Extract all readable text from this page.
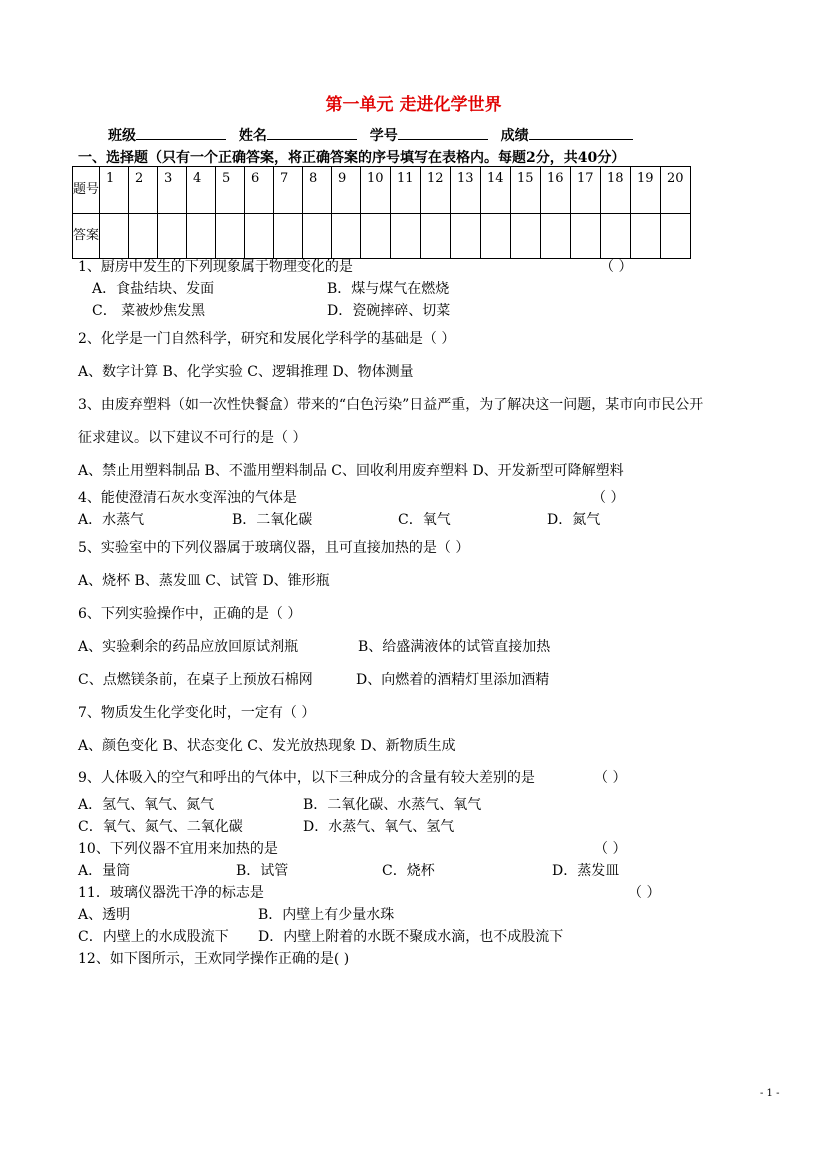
第一单元 走进化学世界
班级	姓名	学号	成绩
一、选择题（只有一个正确答案，将正确答案的序号填写在表格内。每题2分，共40分）
题号	1	2	3	4	5	6	7	8	9	10	11	12	13	14	15	16	17	18	19	20
答案																				
1、厨房中发生的下列现象属于物理变化的是	（ ）
A．食盐结块、发面	B．煤与煤气在燃烧
C． 菜被炒焦发黑	D．瓷碗摔碎、切菜
2、化学是一门自然科学，研究和发展化学科学的基础是（ ）
A、数字计算 B、化学实验 C、逻辑推理 D、物体测量
3、由废弃塑料（如一次性快餐盒）带来的“白色污染”日益严重，为了解决这一问题，某市向市民公开
征求建议。以下建议不可行的是（ ）
A、禁止用塑料制品 B、不滥用塑料制品 C、回收利用废弃塑料 D、开发新型可降解塑料
4、能使澄清石灰水变浑浊的气体是	（ ）
A．水蒸气	B．二氧化碳	C．氧气	D．氮气
5、实验室中的下列仪器属于玻璃仪器，且可直接加热的是（ ）
A、烧杯 B、蒸发皿 C、试管 D、锥形瓶
6、下列实验操作中，正确的是（ ）
A、实验剩余的药品应放回原试剂瓶	B、给盛满液体的试管直接加热
C、点燃镁条前，在桌子上预放石棉网	D、向燃着的酒精灯里添加酒精
7、物质发生化学变化时，一定有（ ）
A、颜色变化 B、状态变化 C、发光放热现象 D、新物质生成
9、人体吸入的空气和呼出的气体中，以下三种成分的含量有较大差别的是	（ ）
A．氢气、氧气、氮气	B．二氧化碳、水蒸气、氧气
C．氧气、氮气、二氧化碳	D．水蒸气、氧气、氢气
10、下列仪器不宜用来加热的是	（ ）
A．量筒	B．试管	C．烧杯	D．蒸发皿
11．玻璃仪器洗干净的标志是	（ ）
A、透明	B．内壁上有少量水珠
C．内壁上的水成股流下 D．内壁上附着的水既不聚成水滴，也不成股流下
12、如下图所示，王欢同学操作正确的是( )
- 1 -
